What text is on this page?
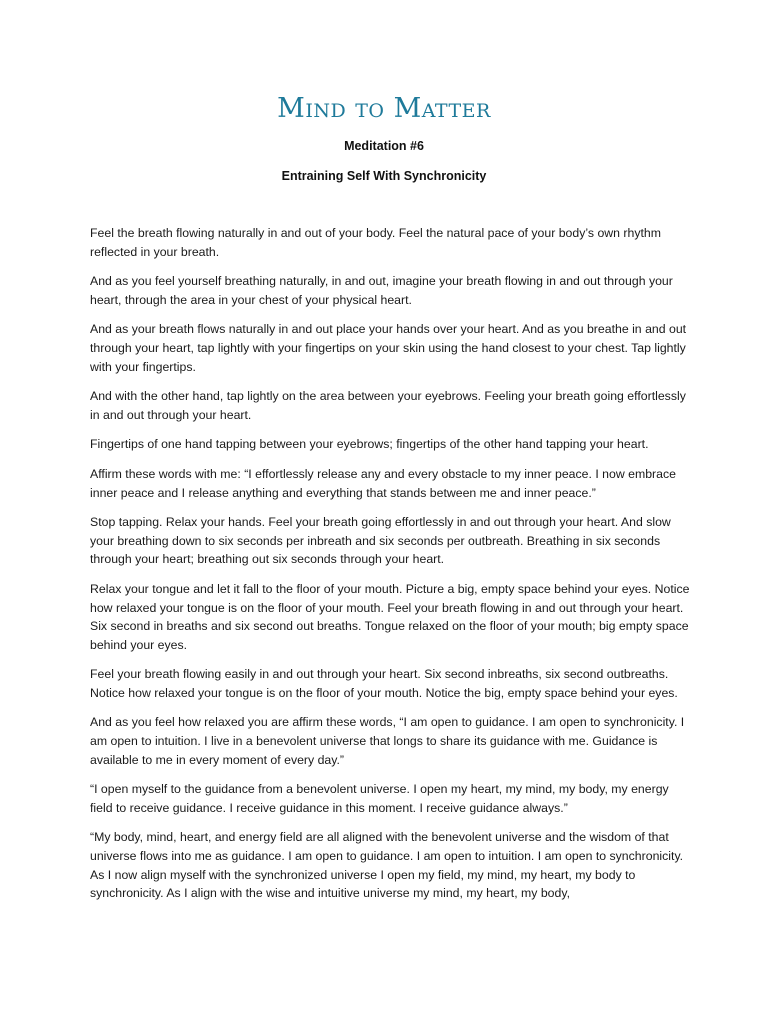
Mind to Matter
Meditation #6
Entraining Self With Synchronicity

Feel the breath flowing naturally in and out of your body. Feel the natural pace of your body’s own rhythm reflected in your breath.

And as you feel yourself breathing naturally, in and out, imagine your breath flowing in and out through your heart, through the area in your chest of your physical heart.

And as your breath flows naturally in and out place your hands over your heart. And as you breathe in and out through your heart, tap lightly with your fingertips on your skin using the hand closest to your chest. Tap lightly with your fingertips.

And with the other hand, tap lightly on the area between your eyebrows. Feeling your breath going effortlessly in and out through your heart.

Fingertips of one hand tapping between your eyebrows; fingertips of the other hand tapping your heart.

Affirm these words with me: “I effortlessly release any and every obstacle to my inner peace. I now embrace inner peace and I release anything and everything that stands between me and inner peace.”

Stop tapping. Relax your hands. Feel your breath going effortlessly in and out through your heart. And slow your breathing down to six seconds per inbreath and six seconds per outbreath. Breathing in six seconds through your heart; breathing out six seconds through your heart.

Relax your tongue and let it fall to the floor of your mouth. Picture a big, empty space behind your eyes. Notice how relaxed your tongue is on the floor of your mouth. Feel your breath flowing in and out through your heart. Six second in breaths and six second out breaths. Tongue relaxed on the floor of your mouth; big empty space behind your eyes.

Feel your breath flowing easily in and out through your heart. Six second inbreaths, six second outbreaths. Notice how relaxed your tongue is on the floor of your mouth. Notice the big, empty space behind your eyes.

And as you feel how relaxed you are affirm these words, “I am open to guidance. I am open to synchronicity. I am open to intuition. I live in a benevolent universe that longs to share its guidance with me. Guidance is available to me in every moment of every day.”

“I open myself to the guidance from a benevolent universe. I open my heart, my mind, my body, my energy field to receive guidance. I receive guidance in this moment. I receive guidance always.”

“My body, mind, heart, and energy field are all aligned with the benevolent universe and the wisdom of that universe flows into me as guidance. I am open to guidance. I am open to intuition. I am open to synchronicity. As I now align myself with the synchronized universe I open my field, my mind, my heart, my body to synchronicity. As I align with the wise and intuitive universe my mind, my heart, my body,
